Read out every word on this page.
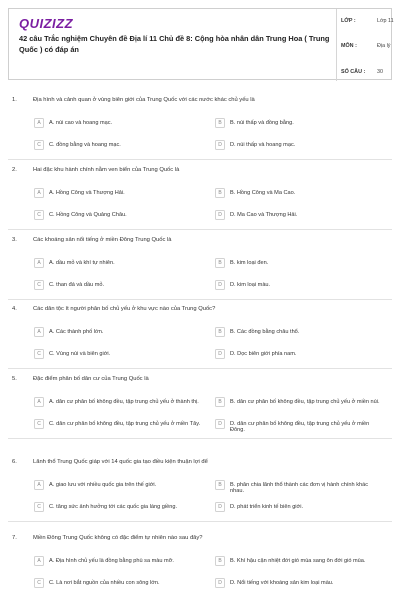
QUIZIZZ
42 câu Trắc nghiệm Chuyên đề Địa lí 11 Chủ đề 8: Cộng hòa nhân dân Trung Hoa ( Trung Quốc ) có đáp án
LỚP :	Lớp 11
MÔN :	Địa lý
SỐ CÂU : 30
1.	Địa hình và cảnh quan ở vùng biên giới của Trung Quốc với các nước khác chủ yếu là
A	A. núi cao và hoang mạc.	B	B. núi thấp và đồng bằng.
C	C. đồng bằng và hoang mạc.	D	D. núi thấp và hoang mạc.
2.	Hai đặc khu hành chính nằm ven biển của Trung Quốc là
A	A. Hồng Công và Thượng Hải.	B	B. Hồng Công và Ma Cao.
C	C. Hồng Công và Quảng Châu.	D	D. Ma Cao và Thượng Hải.
3.	Các khoáng sản nổi tiếng ở miền Đông Trung Quốc là
A	A. dầu mỏ và khí tự nhiên.	B	B. kim loại đen.
C	C. than đá và dầu mỏ.	D	D. kim loại màu.
4.	Các dân tộc ít người phân bố chủ yếu ở khu vực nào của Trung Quốc?
A	A. Các thành phố lớn.	B	B. Các đồng bằng châu thổ.
C	C. Vùng núi và biên giới.	D	D. Dọc biên giới phía nam.
5.	Đặc điểm phân bố dân cư của Trung Quốc là
A	A. dân cư phân bố không đều, tập trung chủ yếu ở thành thị.	B	B. dân cư phân bố không đều, tập trung chủ yếu ở miền núi.
C	C. dân cư phân bố không đều, tập trung chủ yếu ở miền Tây.	D	D. dân cư phân bố không đều, tập trung chủ yếu ở miền Đông.
6.	Lãnh thổ Trung Quốc giáp với 14 quốc gia tạo điều kiện thuận lợi để
A	A. giao lưu với nhiều quốc gia trên thế giới.	B	B. phân chia lãnh thổ thành các đơn vị hành chính khác nhau.
C	C. tăng sức ảnh hưởng tới các quốc gia láng giềng.	D	D. phát triển kinh tế biên giới.
7.	Miền Đông Trung Quốc không có đặc điểm tự nhiên nào sau đây?
A	A. Địa hình chủ yếu là đồng bằng phù sa màu mỡ.	B	B. Khí hậu cận nhiệt đới gió mùa sang ôn đới gió mùa.
C	C. Là nơi bắt nguồn của nhiều con sông lớn.	D	D. Nổi tiếng với khoáng sản kim loại màu.
